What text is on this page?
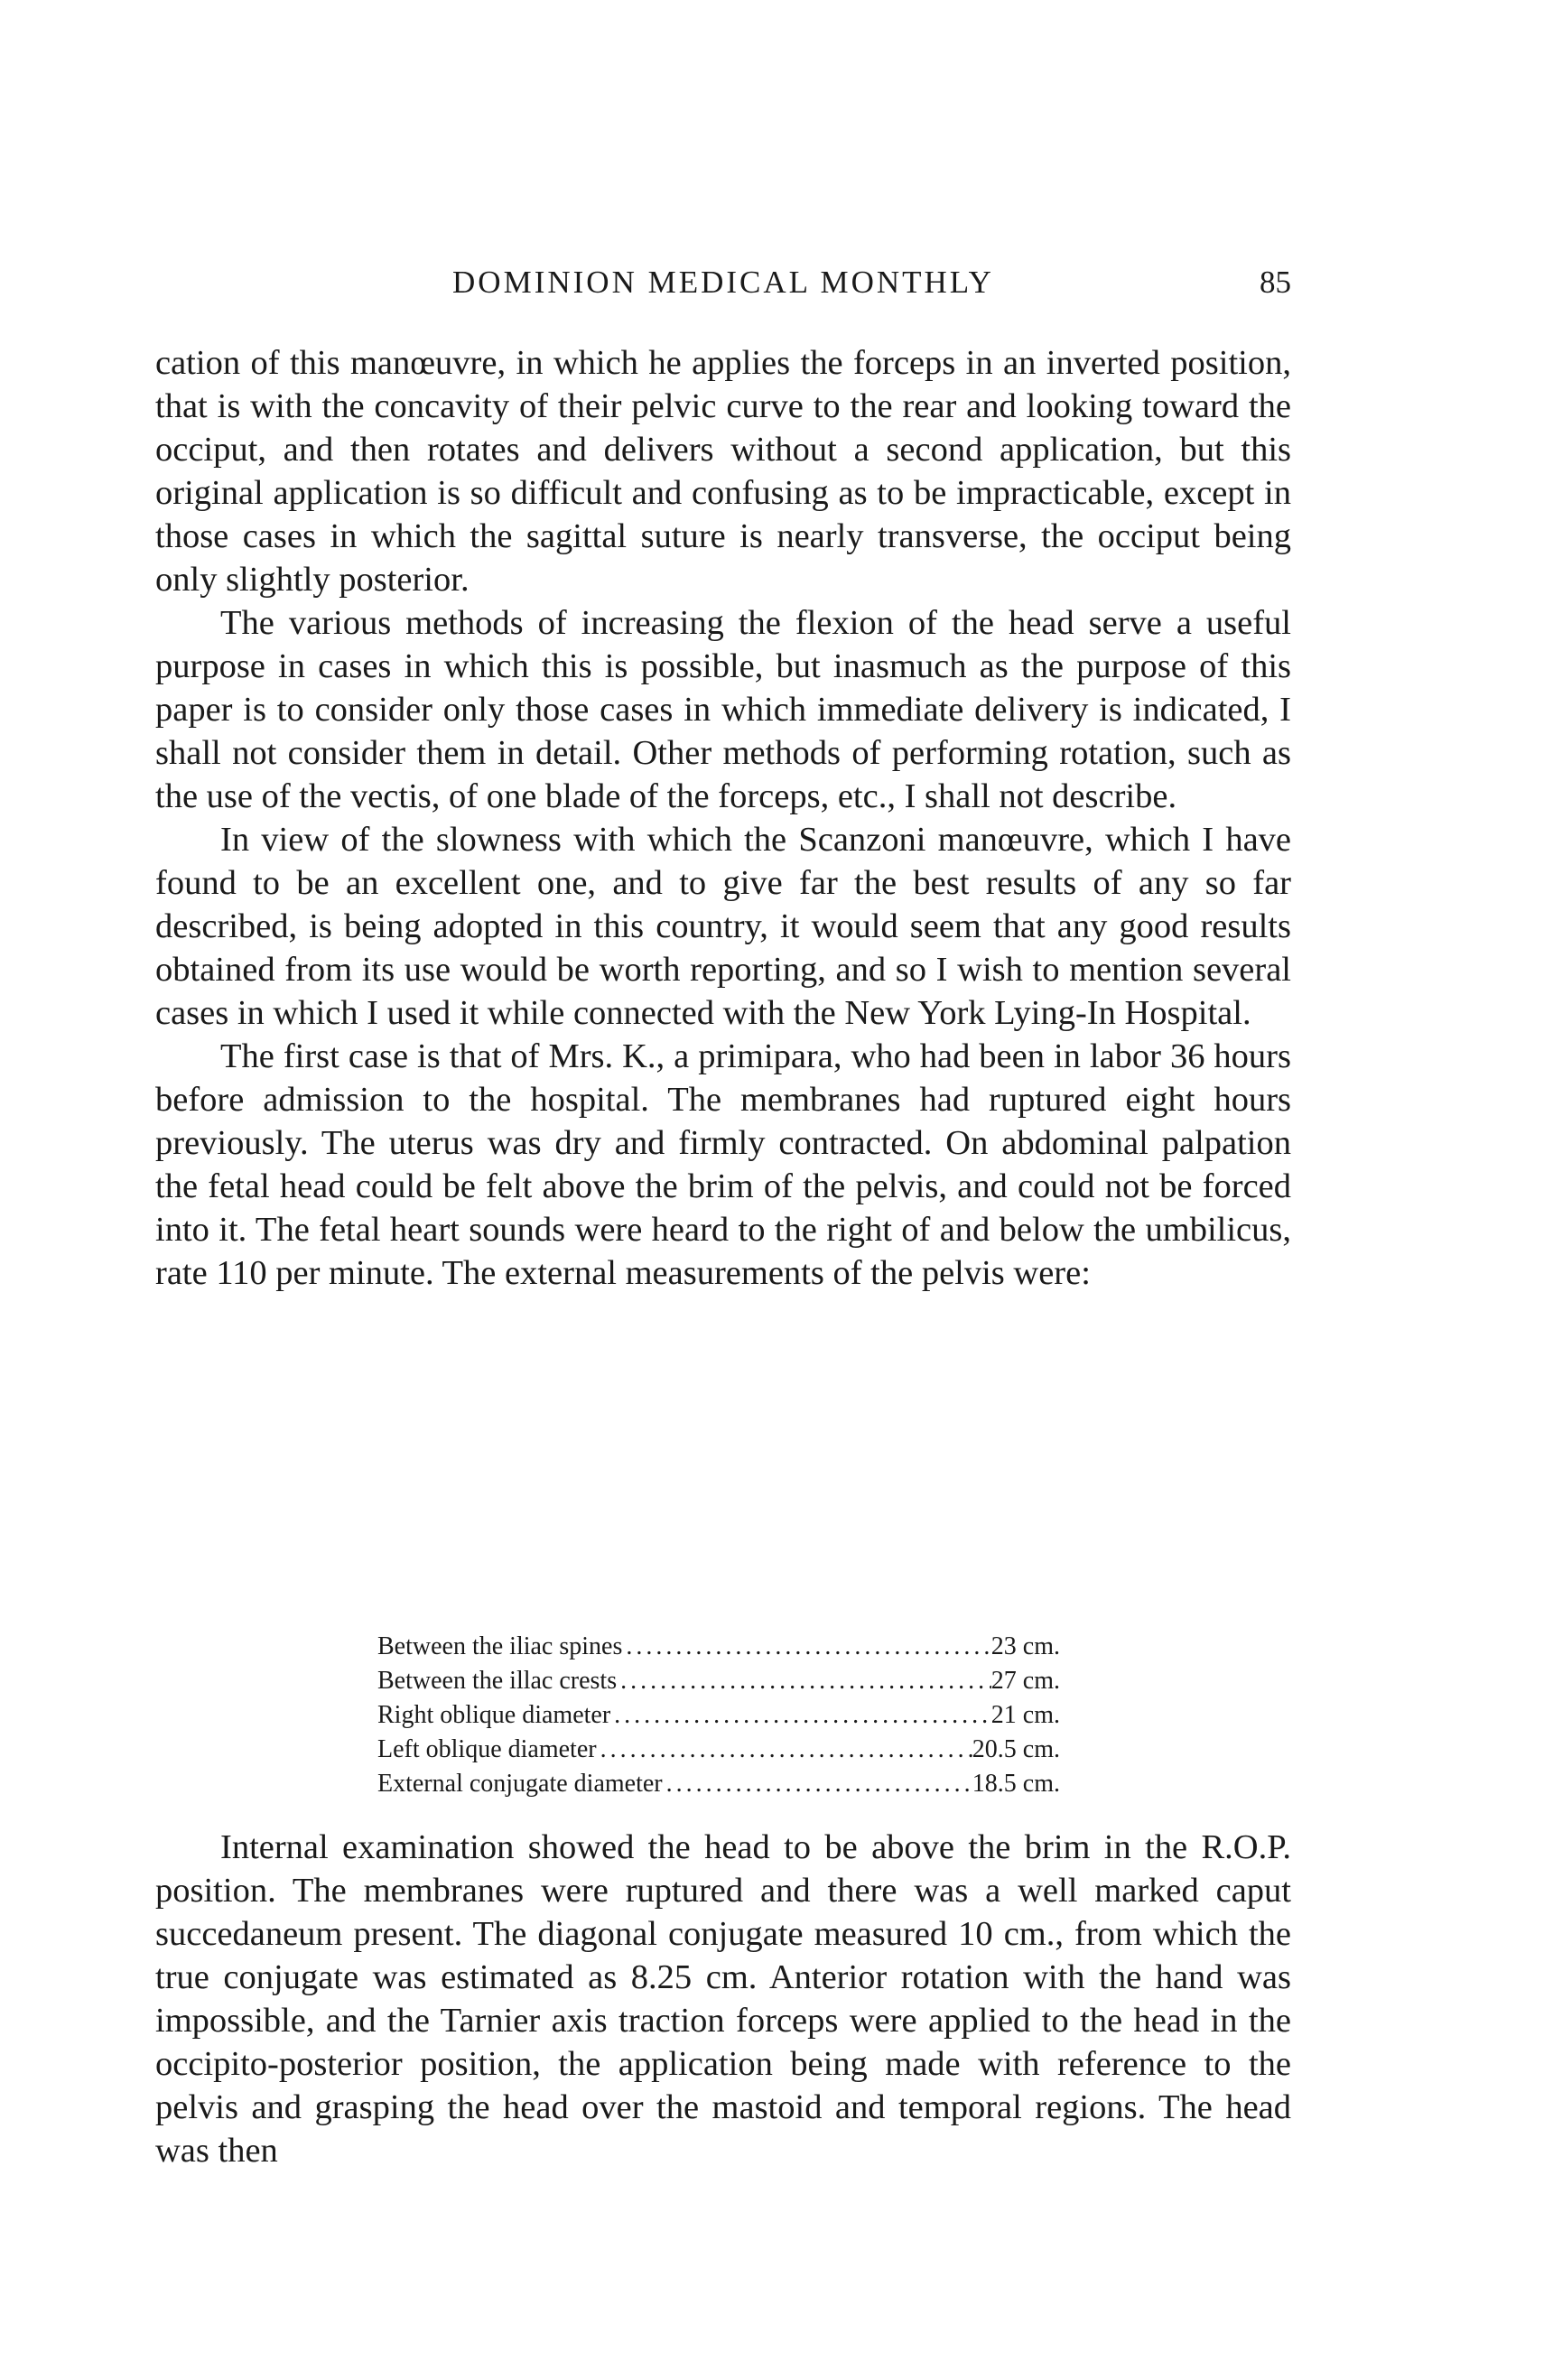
DOMINION MEDICAL MONTHLY	85

cation of this manœuvre, in which he applies the forceps in an inverted position, that is with the concavity of their pelvic curve to the rear and looking toward the occiput, and then rotates and delivers without a second application, but this original application is so difficult and confusing as to be impracticable, except in those cases in which the sagittal suture is nearly transverse, the occiput being only slightly posterior.

The various methods of increasing the flexion of the head serve a useful purpose in cases in which this is possible, but inasmuch as the purpose of this paper is to consider only those cases in which immediate delivery is indicated, I shall not consider them in detail. Other methods of performing rotation, such as the use of the vectis, of one blade of the forceps, etc., I shall not describe.

In view of the slowness with which the Scanzoni manœuvre, which I have found to be an excellent one, and to give far the best results of any so far described, is being adopted in this country, it would seem that any good results obtained from its use would be worth reporting, and so I wish to mention several cases in which I used it while connected with the New York Lying-In Hospital.

The first case is that of Mrs. K., a primipara, who had been in labor 36 hours before admission to the hospital. The membranes had ruptured eight hours previously. The uterus was dry and firmly contracted. On abdominal palpation the fetal head could be felt above the brim of the pelvis, and could not be forced into it. The fetal heart sounds were heard to the right of and below the umbilicus, rate 110 per minute. The external measurements of the pelvis were:

Between the iliac spines .....	23 cm.
Between the illac crests .....	27 cm.
Right oblique diameter .....	21 cm.
Left oblique diameter .....	20.5 cm.
External conjugate diameter .....	18.5 cm.

Internal examination showed the head to be above the brim in the R.O.P. position. The membranes were ruptured and there was a well marked caput succedaneum present. The diagonal conjugate measured 10 cm., from which the true conjugate was estimated as 8.25 cm. Anterior rotation with the hand was impossible, and the Tarnier axis traction forceps were applied to the head in the occipito-posterior position, the application being made with reference to the pelvis and grasping the head over the mastoid and temporal regions. The head was then
